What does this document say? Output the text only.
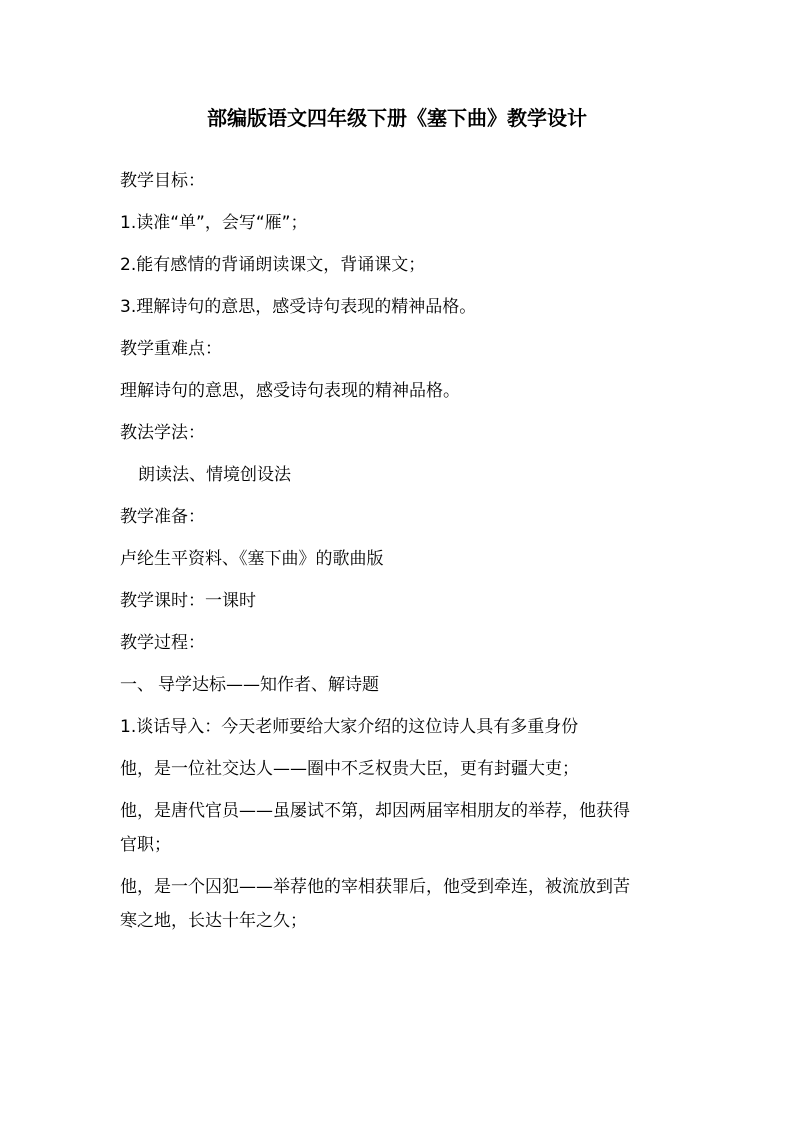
部编版语文四年级下册《塞下曲》教学设计
教学目标：
1.读准“单”，会写“雁”；
2.能有感情的背诵朗读课文，背诵课文；
3.理解诗句的意思，感受诗句表现的精神品格。
教学重难点：
理解诗句的意思，感受诗句表现的精神品格。
教法学法：
朗读法、情境创设法
教学准备：
卢纶生平资料、《塞下曲》的歌曲版
教学课时：一课时
教学过程：
一、 导学达标——知作者、解诗题
1.谈话导入：今天老师要给大家介绍的这位诗人具有多重身份
他，是一位社交达人——圈中不乏权贵大臣，更有封疆大吏；
他，是唐代官员——虽屡试不第，却因两届宰相朋友的举荐，他获得
官职；
他，是一个囚犯——举荐他的宰相获罪后，他受到牵连，被流放到苦
寒之地，长达十年之久；
